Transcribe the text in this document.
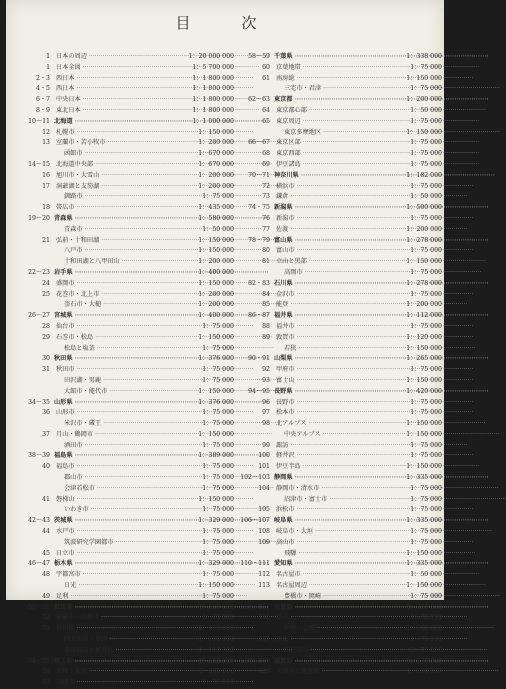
目　次
1 日本の周辺 ·····	1：20 000 000
1 日本全図 ·····	1：5 700 000
2・3 西日本 ·····	1：1 800 000
4・5 西日本 ·····	1：1 800 000
6・7 中央日本 ·····	1：1 800 000
8・9 東北日本 ·····	1：1 800 000
10～11 北海道 ·····	1：1 000 000
12 札幌市 ·····	1：150 000
13 室蘭市・苫小牧市 ·····	1：200 000
函館市 ·····	1：670 000
14～15 北海道中央部 ·····	1：670 000
16 旭川市・大雪山 ·····	1：200 000
17 洞爺湖と支笏湖 ·····	1：200 000
釧路市 ·····	1：75 000
18 帯広市 ·····	1：435 000
19～20 青森県 ·····	1：580 000
青森市 ·····	1：50 000
21 弘前・十和田湖 ·····	1：150 000
八戸市 ·····	1：150 000
十和田湖と八甲田山 ·····	1：200 000
22～23 岩手県 ·····	1：400 000
24 盛岡市 ·····	1：150 000
25 花巻市・北上市 ·····	1：200 000
釜石市・大槌 ·····	1：200 000
26～27 宮城県 ·····	1：400 000
28 仙台市 ·····	1：75 000
29 石巻市・松島 ·····	1：150 000
松島と塩釜 ·····	1：75 000
30 秋田県 ·····	1：376 000
31 秋田市 ·····	1：75 000
田沢湖・男鹿 ·····	1：75 000
大館市・能代市 ·····	1：150 000
34～35 山形県 ·····	1：376 000
36 山形市 ·····	1：75 000
米沢市・蔵王 ·····	1：75 000
37 月山・鶴岡市 ·····	1：150 000
酒田市 ·····	1：75 000
38～39 福島県 ·····	1：389 000
40 福島市 ·····	1：75 000
郡山市 ·····	1：75 000
会津若松市 ·····	1：75 000
41 磐梯山 ·····	1：150 000
いわき市 ·····	1：75 000
42～43 茨城県 ·····	1：329 000
44 水戸市 ·····	1：75 000
筑波研究学園都市 ·····	1：75 000
45 日立市 ·····	1：75 000
46～47 栃木県 ·····	1：329 000
48 宇都宮市 ·····	1：75 000
日光 ·····	1：150 000
49 足利 ·····	1：75 000
50～51 群馬県 ·····	1：329 000
52 前橋市・高崎市 ·····	1：75 000
53 谷川岳 ·····	1：150 000
四万温泉・草津 ·····	1：150 000
草津温泉と軽井沢 ·····	1：150 000
54～55 埼玉県 ·····	1：352 000
56 浦和・大宮 ·····	1：235 000
57 川越市 ·····	1：75 000
58～59 千葉県 ·····	1：338 000
60 京葉地帯 ·····	1：75 000
61 南房総 ·····	1：150 000
三宅市・君津 ·····	1：75 000
62～63 東京都 ·····	1：200 000
64 東京都心部 ·····	1：50 000
65 東京周辺 ·····	1：75 000
東京多摩地区 ·····	1：150 000
66～67 東京区部 ·····	1：75 000
68 東京西部 ·····	1：75 000
69 伊豆諸島 ·····	1：75 000
70～71 神奈川県 ·····	1：182 000
72 横浜市 ·····	1：75 000
73 鎌倉 ·····	1：50 000
74・75 新潟県 ·····	1：500 000
76 新潟市 ·····	1：75 000
77 佐渡 ·····	1：200 000
78・79 富山県 ·····	1：278 000
80 富山市 ·····	1：75 000
81 立山と黒部 ·····	1：150 000
高岡市 ·····	1：75 000
82・83 石川県 ·····	1：278 000
84 金沢市 ·····	1：75 000
85 能登 ·····	1：200 000
86・87 福井県 ·····	1：112 000
88 福井市 ·····	1：75 000
89 敦賀市 ·····	1：120 000
若狭 ·····	1：150 000
90・91 山梨県 ·····	1：265 000
92 甲府市 ·····	1：75 000
93 富士山 ·····	1：150 000
94～95 長野県 ·····	1：420 000
96 長野市 ·····	1：75 000
97 松本市 ·····	1：75 000
98 北アルプス ·····	1：150 000
中央アルプス ·····	1：150 000
99 諏訪 ·····	1：75 000
100 軽井沢 ·····	1：75 000
101 伊豆半島 ·····	1：150 000
102～103 静岡県 ·····	1：335 000
104 静岡市・清水市 ·····	1：75 000
沼津市・富士市 ·····	1：75 000
105 浜松市 ·····	1：75 000
106～107 岐阜県 ·····	1：335 000
108 岐阜市・大垣 ·····	1：75 000
109 高山市 ·····	1：75 000
飛騨 ·····	1：150 000
110・111 愛知県 ·····	1：335 000
112 名古屋市 ·····	1：50 000
113 名古屋周辺 ·····	1：150 000
豊橋市・岡崎 ·····	1：75 000
114～115 三重県 ·····	1：335 000
116 津市 ·····	1：75 000
伊勢・志摩 ·····	1：150 000
117 鈴鹿 ·····	1：75 000
四日市市 ·····	1：75 000
118～119 滋賀県 ·····	1：275 000
120 大津市と琵琶湖 ·····	1：150 000
